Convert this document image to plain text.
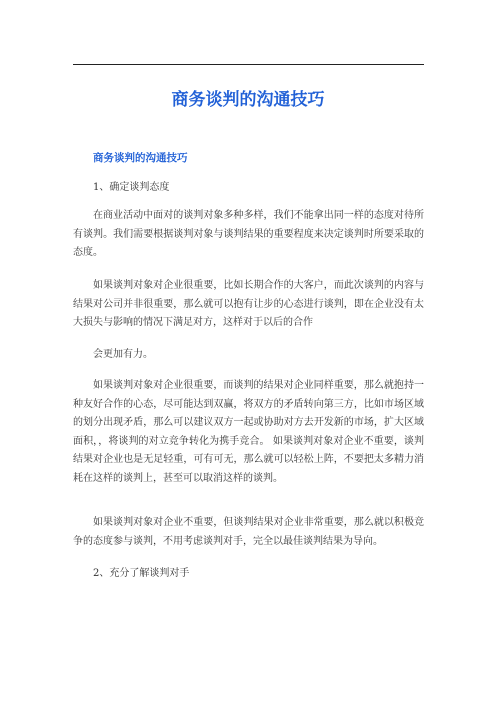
商务谈判的沟通技巧
商务谈判的沟通技巧
1、确定谈判态度
在商业活动中面对的谈判对象多种多样，我们不能拿出同一样的态度对待所有谈判。我们需要根据谈判对象与谈判结果的重要程度来决定谈判时所要采取的态度。
如果谈判对象对企业很重要，比如长期合作的大客户，而此次谈判的内容与结果对公司并非很重要，那么就可以抱有让步的心态进行谈判，即在企业没有太大损失与影响的情况下满足对方，这样对于以后的合作
会更加有力。
如果谈判对象对企业很重要，而谈判的结果对企业同样重要，那么就抱持一种友好合作的心态，尽可能达到双赢，将双方的矛盾转向第三方，比如市场区域的划分出现矛盾，那么可以建议双方一起或协助对方去开发新的市场，扩大区域面积，，将谈判的对立竞争转化为携手竞合。 如果谈判对象对企业不重要，谈判结果对企业也是无足轻重，可有可无，那么就可以轻松上阵，不要把太多精力消耗在这样的谈判上，甚至可以取消这样的谈判。
如果谈判对象对企业不重要，但谈判结果对企业非常重要，那么就以积极竞争的态度参与谈判，不用考虑谈判对手，完全以最佳谈判结果为导向。
2、充分了解谈判对手
